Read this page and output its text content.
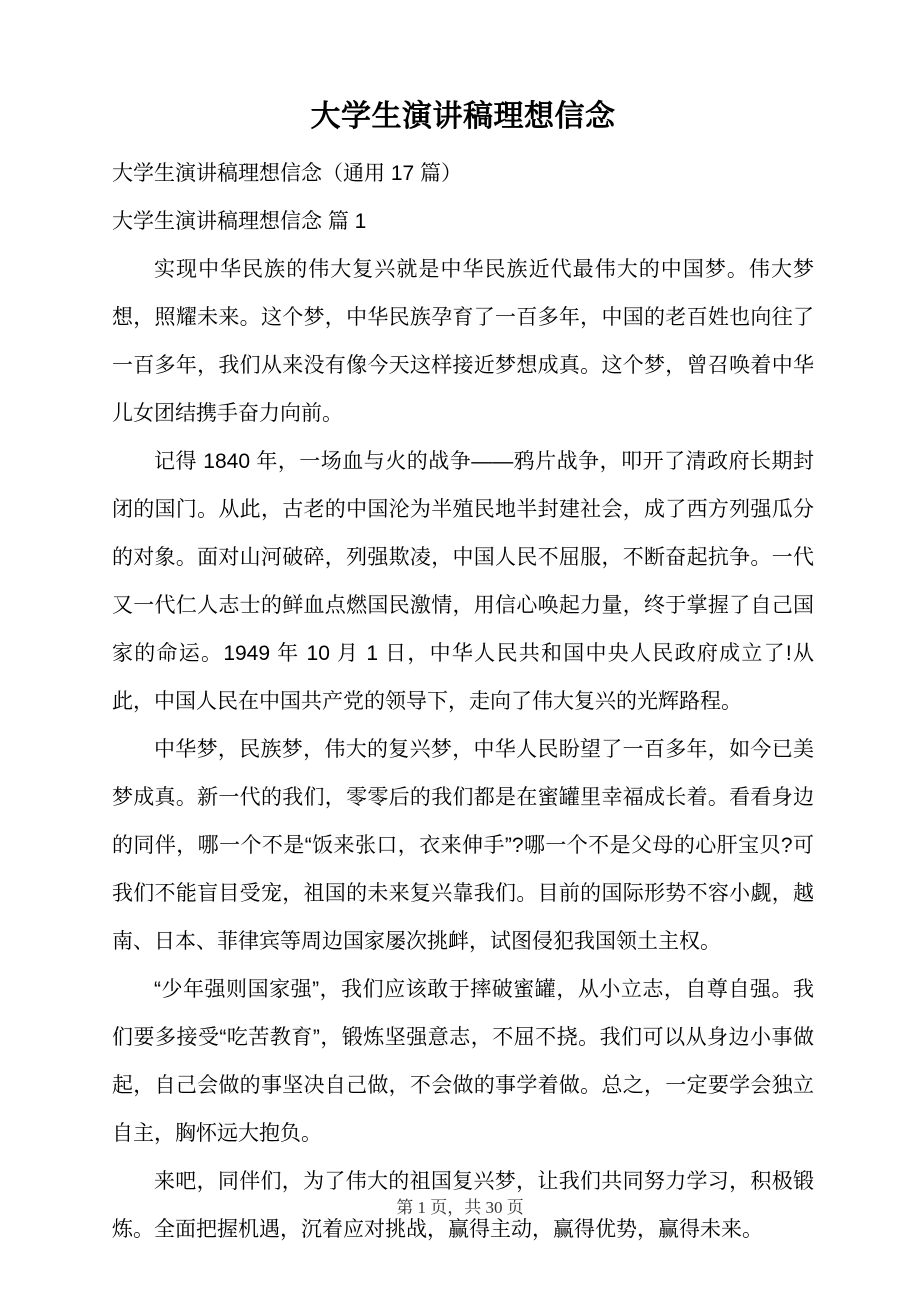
大学生演讲稿理想信念

大学生演讲稿理想信念（通用 17 篇）

大学生演讲稿理想信念 篇 1

实现中华民族的伟大复兴就是中华民族近代最伟大的中国梦。伟大梦想，照耀未来。这个梦，中华民族孕育了一百多年，中国的老百姓也向往了一百多年，我们从来没有像今天这样接近梦想成真。这个梦，曾召唤着中华儿女团结携手奋力向前。

记得 1840 年，一场血与火的战争——鸦片战争，叩开了清政府长期封闭的国门。从此，古老的中国沦为半殖民地半封建社会，成了西方列强瓜分的对象。面对山河破碎，列强欺凌，中国人民不屈服，不断奋起抗争。一代又一代仁人志士的鲜血点燃国民激情，用信心唤起力量，终于掌握了自己国家的命运。1949 年 10 月 1 日，中华人民共和国中央人民政府成立了!从此，中国人民在中国共产党的领导下，走向了伟大复兴的光辉路程。

中华梦，民族梦，伟大的复兴梦，中华人民盼望了一百多年，如今已美梦成真。新一代的我们，零零后的我们都是在蜜罐里幸福成长着。看看身边的同伴，哪一个不是“饭来张口，衣来伸手”?哪一个不是父母的心肝宝贝?可我们不能盲目受宠，祖国的未来复兴靠我们。目前的国际形势不容小觑，越南、日本、菲律宾等周边国家屡次挑衅，试图侵犯我国领土主权。

“少年强则国家强”，我们应该敢于摔破蜜罐，从小立志，自尊自强。我们要多接受“吃苦教育”，锻炼坚强意志，不屈不挠。我们可以从身边小事做起，自己会做的事坚决自己做，不会做的事学着做。总之，一定要学会独立自主，胸怀远大抱负。

来吧，同伴们，为了伟大的祖国复兴梦，让我们共同努力学习，积极锻炼。全面把握机遇，沉着应对挑战，赢得主动，赢得优势，赢得未来。

第 1 页，共 30 页
